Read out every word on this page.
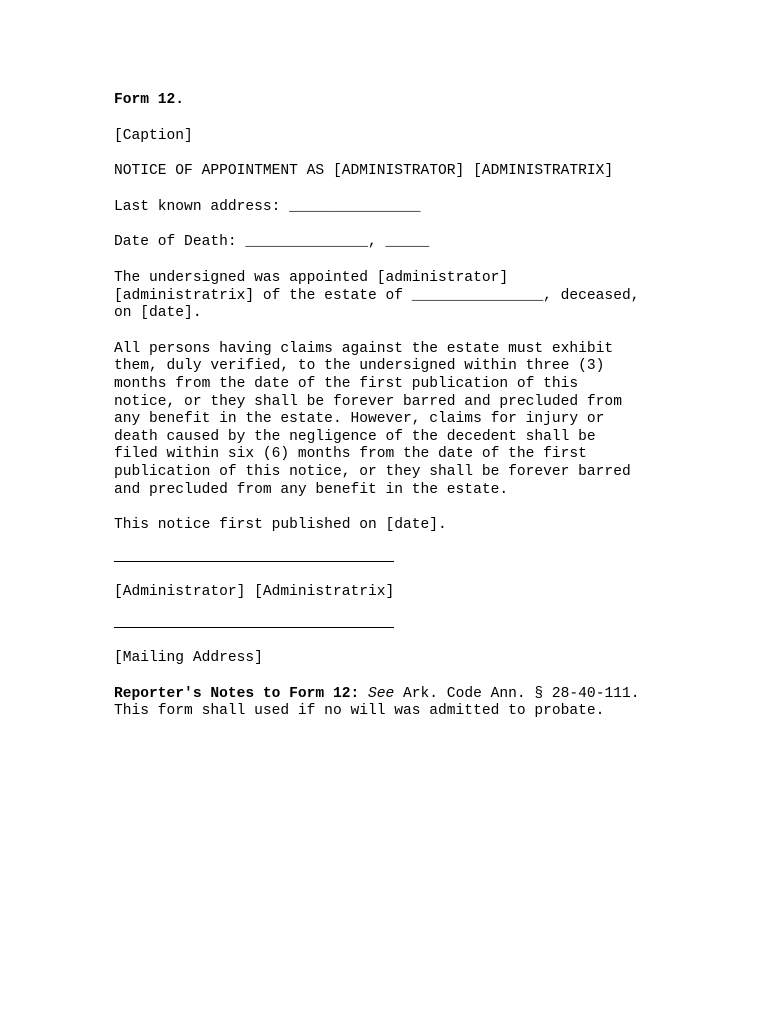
Form 12.

[Caption]

NOTICE OF APPOINTMENT AS [ADMINISTRATOR] [ADMINISTRATRIX]

Last known address: _______________

Date of Death: ______________, _____

The undersigned was appointed [administrator]
[administratrix] of the estate of _______________, deceased,
on [date].

All persons having claims against the estate must exhibit
them, duly verified, to the undersigned within three (3)
months from the date of the first publication of this
notice, or they shall be forever barred and precluded from
any benefit in the estate. However, claims for injury or
death caused by the negligence of the decedent shall be
filed within six (6) months from the date of the first
publication of this notice, or they shall be forever barred
and precluded from any benefit in the estate.

This notice first published on [date].

[Administrator] [Administratrix]

[Mailing Address]

Reporter's Notes to Form 12: See Ark. Code Ann. § 28-40-111.
This form shall used if no will was admitted to probate.
